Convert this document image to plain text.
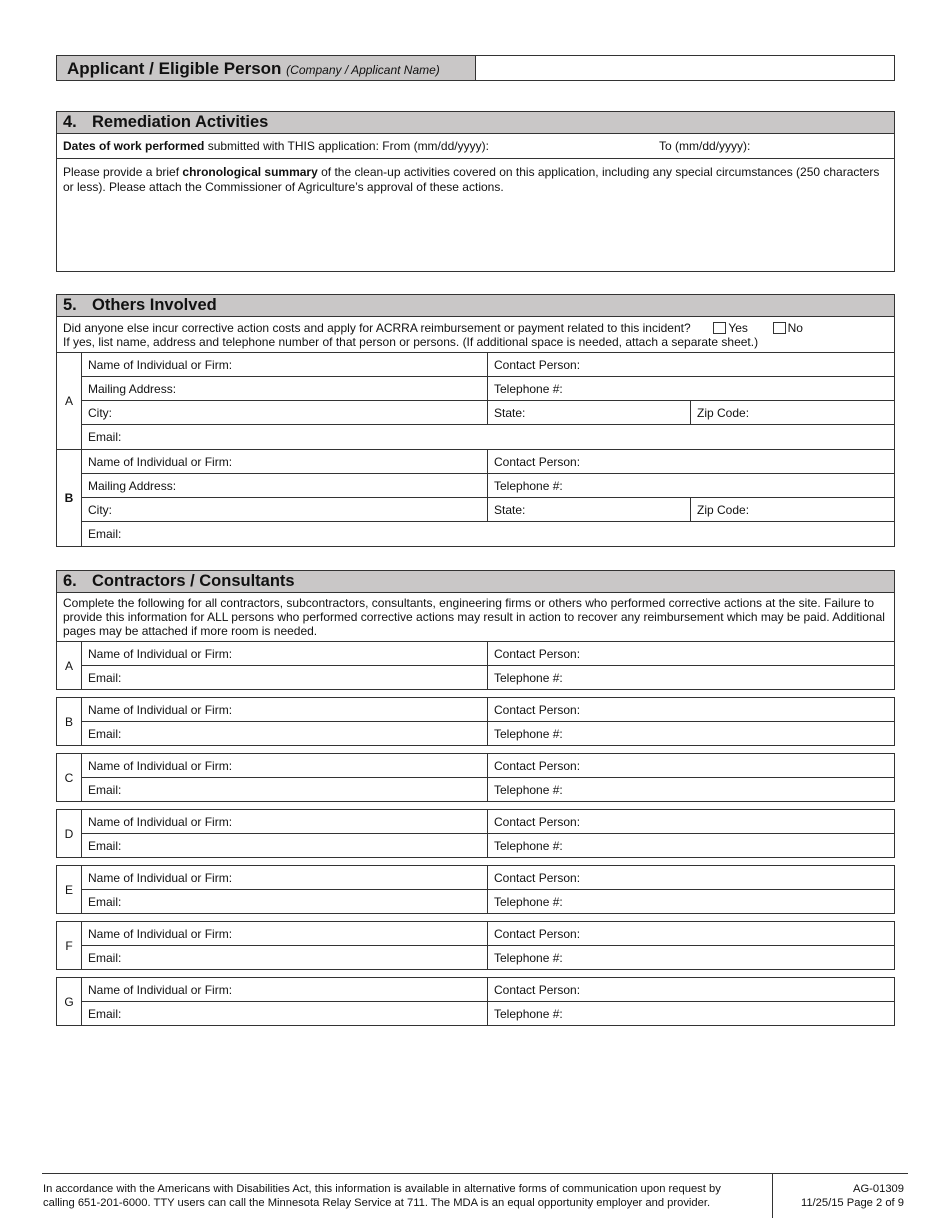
Applicant / Eligible Person (Company / Applicant Name)
4. Remediation Activities
Dates of work performed submitted with THIS application: From (mm/dd/yyyy):	To (mm/dd/yyyy):
Please provide a brief chronological summary of the clean-up activities covered on this application, including any special circumstances (250 characters or less). Please attach the Commissioner of Agriculture’s approval of these actions.
5. Others Involved
Did anyone else incur corrective action costs and apply for ACRRA reimbursement or payment related to this incident?	Yes	No
If yes, list name, address and telephone number of that person or persons. (If additional space is needed, attach a separate sheet.)
A
Name of Individual or Firm:	Contact Person:
Mailing Address:	Telephone #:
City:	State:	Zip Code:
Email:
B
Name of Individual or Firm:	Contact Person:
Mailing Address:	Telephone #:
City:	State:	Zip Code:
Email:
6. Contractors / Consultants
Complete the following for all contractors, subcontractors, consultants, engineering firms or others who performed corrective actions at the site. Failure to provide this information for ALL persons who performed corrective actions may result in action to recover any reimbursement which may be paid. Additional pages may be attached if more room is needed.
A
Name of Individual or Firm:	Contact Person:
Email:	Telephone #:
B
Name of Individual or Firm:	Contact Person:
Email:	Telephone #:
C
Name of Individual or Firm:	Contact Person:
Email:	Telephone #:
D
Name of Individual or Firm:	Contact Person:
Email:	Telephone #:
E
Name of Individual or Firm:	Contact Person:
Email:	Telephone #:
F
Name of Individual or Firm:	Contact Person:
Email:	Telephone #:
G
Name of Individual or Firm:	Contact Person:
Email:	Telephone #:
In accordance with the Americans with Disabilities Act, this information is available in alternative forms of communication upon request by calling 651-201-6000. TTY users can call the Minnesota Relay Service at 711. The MDA is an equal opportunity employer and provider.
AG-01309
11/25/15 Page 2 of 9
